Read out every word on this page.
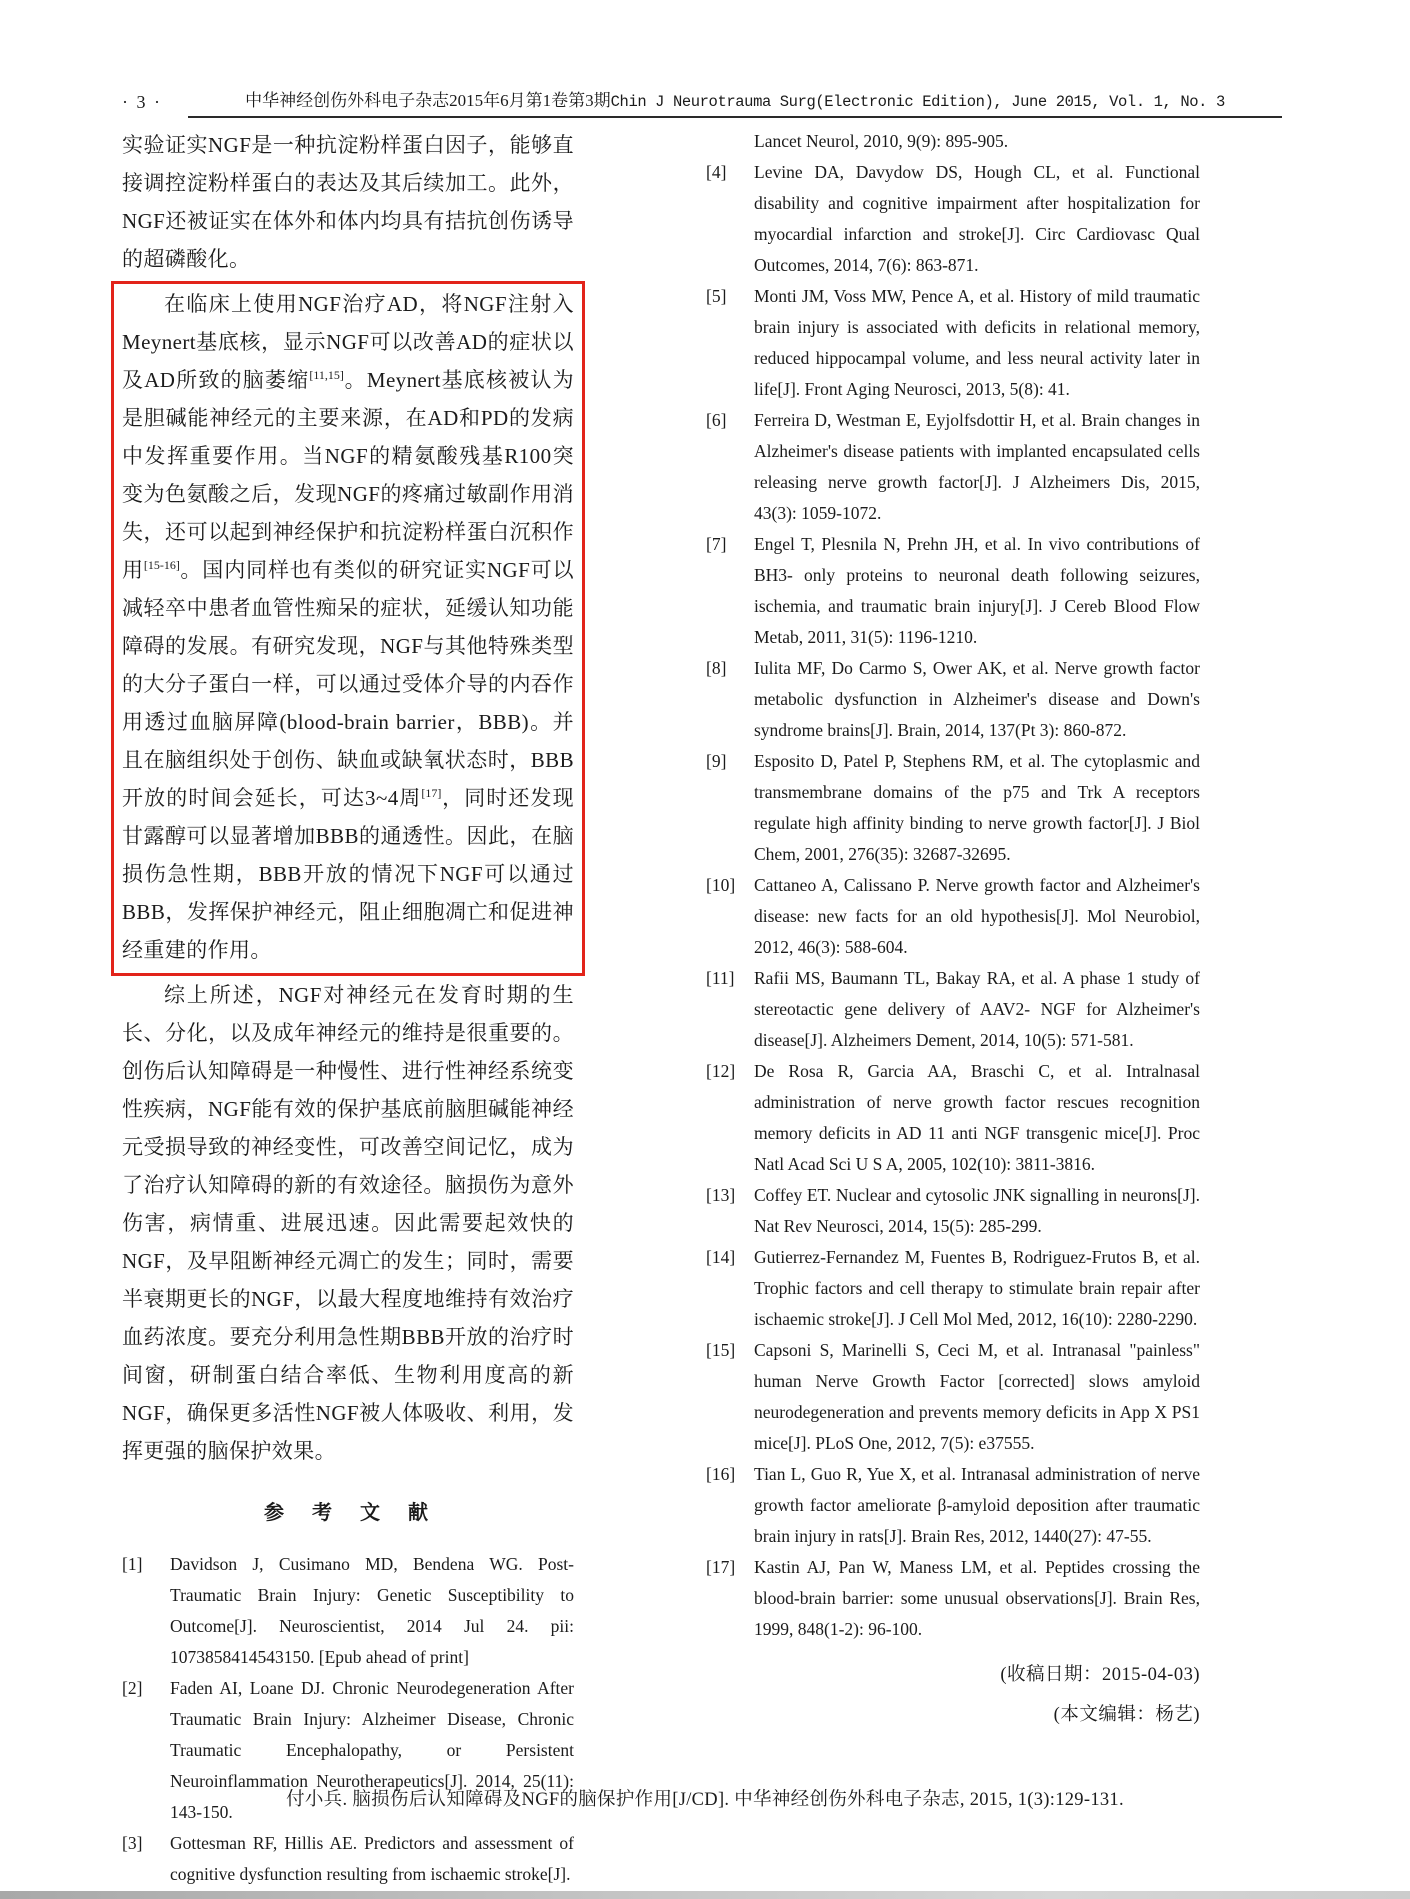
· 3 ·	中华神经创伤外科电子杂志2015年6月第1卷第3期Chin J Neurotrauma Surg(Electronic Edition), June 2015, Vol. 1, No. 3

实验证实NGF是一种抗淀粉样蛋白因子，能够直接调控淀粉样蛋白的表达及其后续加工。此外，NGF还被证实在体外和体内均具有拮抗创伤诱导的超磷酸化。

在临床上使用NGF治疗AD，将NGF注射入Meynert基底核，显示NGF可以改善AD的症状以及AD所致的脑萎缩[11,15]。Meynert基底核被认为是胆碱能神经元的主要来源，在AD和PD的发病中发挥重要作用。当NGF的精氨酸残基R100突变为色氨酸之后，发现NGF的疼痛过敏副作用消失，还可以起到神经保护和抗淀粉样蛋白沉积作用[15-16]。国内同样也有类似的研究证实NGF可以减轻卒中患者血管性痴呆的症状，延缓认知功能障碍的发展。有研究发现，NGF与其他特殊类型的大分子蛋白一样，可以通过受体介导的内吞作用透过血脑屏障(blood-brain barrier，BBB)。并且在脑组织处于创伤、缺血或缺氧状态时，BBB开放的时间会延长，可达3~4周[17]，同时还发现甘露醇可以显著增加BBB的通透性。因此，在脑损伤急性期，BBB开放的情况下NGF可以通过BBB，发挥保护神经元，阻止细胞凋亡和促进神经重建的作用。

综上所述，NGF对神经元在发育时期的生长、分化，以及成年神经元的维持是很重要的。创伤后认知障碍是一种慢性、进行性神经系统变性疾病，NGF能有效的保护基底前脑胆碱能神经元受损导致的神经变性，可改善空间记忆，成为了治疗认知障碍的新的有效途径。脑损伤为意外伤害，病情重、进展迅速。因此需要起效快的NGF，及早阻断神经元凋亡的发生；同时，需要半衰期更长的NGF，以最大程度地维持有效治疗血药浓度。要充分利用急性期BBB开放的治疗时间窗，研制蛋白结合率低、生物利用度高的新NGF，确保更多活性NGF被人体吸收、利用，发挥更强的脑保护效果。

参　考　文　献
[1] Davidson J, Cusimano MD, Bendena WG. Post-Traumatic Brain Injury: Genetic Susceptibility to Outcome[J]. Neuroscientist, 2014 Jul 24. pii: 1073858414543150. [Epub ahead of print]
[2] Faden AI, Loane DJ. Chronic Neurodegeneration After Traumatic Brain Injury: Alzheimer Disease, Chronic Traumatic Encephalopathy, or Persistent Neuroinflammation Neurotherapeutics[J]. 2014, 25(11): 143-150.
[3] Gottesman RF, Hillis AE. Predictors and assessment of cognitive dysfunction resulting from ischaemic stroke[J].
Lancet Neurol, 2010, 9(9): 895-905.
[4] Levine DA, Davydow DS, Hough CL, et al. Functional disability and cognitive impairment after hospitalization for myocardial infarction and stroke[J]. Circ Cardiovasc Qual Outcomes, 2014, 7(6): 863-871.
[5] Monti JM, Voss MW, Pence A, et al. History of mild traumatic brain injury is associated with deficits in relational memory, reduced hippocampal volume, and less neural activity later in life[J]. Front Aging Neurosci, 2013, 5(8): 41.
[6] Ferreira D, Westman E, Eyjolfsdottir H, et al. Brain changes in Alzheimer's disease patients with implanted encapsulated cells releasing nerve growth factor[J]. J Alzheimers Dis, 2015, 43(3): 1059-1072.
[7] Engel T, Plesnila N, Prehn JH, et al. In vivo contributions of BH3- only proteins to neuronal death following seizures, ischemia, and traumatic brain injury[J]. J Cereb Blood Flow Metab, 2011, 31(5): 1196-1210.
[8] Iulita MF, Do Carmo S, Ower AK, et al. Nerve growth factor metabolic dysfunction in Alzheimer's disease and Down's syndrome brains[J]. Brain, 2014, 137(Pt 3): 860-872.
[9] Esposito D, Patel P, Stephens RM, et al. The cytoplasmic and transmembrane domains of the p75 and Trk A receptors regulate high affinity binding to nerve growth factor[J]. J Biol Chem, 2001, 276(35): 32687-32695.
[10] Cattaneo A, Calissano P. Nerve growth factor and Alzheimer's disease: new facts for an old hypothesis[J]. Mol Neurobiol, 2012, 46(3): 588-604.
[11] Rafii MS, Baumann TL, Bakay RA, et al. A phase 1 study of stereotactic gene delivery of AAV2- NGF for Alzheimer's disease[J]. Alzheimers Dement, 2014, 10(5): 571-581.
[12] De Rosa R, Garcia AA, Braschi C, et al. Intralnasal administration of nerve growth factor rescues recognition memory deficits in AD 11 anti NGF transgenic mice[J]. Proc Natl Acad Sci U S A, 2005, 102(10): 3811-3816.
[13] Coffey ET. Nuclear and cytosolic JNK signalling in neurons[J]. Nat Rev Neurosci, 2014, 15(5): 285-299.
[14] Gutierrez-Fernandez M, Fuentes B, Rodriguez-Frutos B, et al. Trophic factors and cell therapy to stimulate brain repair after ischaemic stroke[J]. J Cell Mol Med, 2012, 16(10): 2280-2290.
[15] Capsoni S, Marinelli S, Ceci M, et al. Intranasal "painless" human Nerve Growth Factor [corrected] slows amyloid neurodegeneration and prevents memory deficits in App X PS1 mice[J]. PLoS One, 2012, 7(5): e37555.
[16] Tian L, Guo R, Yue X, et al. Intranasal administration of nerve growth factor ameliorate β-amyloid deposition after traumatic brain injury in rats[J]. Brain Res, 2012, 1440(27): 47-55.
[17] Kastin AJ, Pan W, Maness LM, et al. Peptides crossing the blood-brain barrier: some unusual observations[J]. Brain Res, 1999, 848(1-2): 96-100.
(收稿日期：2015-04-03)
(本文编辑：杨艺)
付小兵. 脑损伤后认知障碍及NGF的脑保护作用[J/CD]. 中华神经创伤外科电子杂志, 2015, 1(3):129-131.
